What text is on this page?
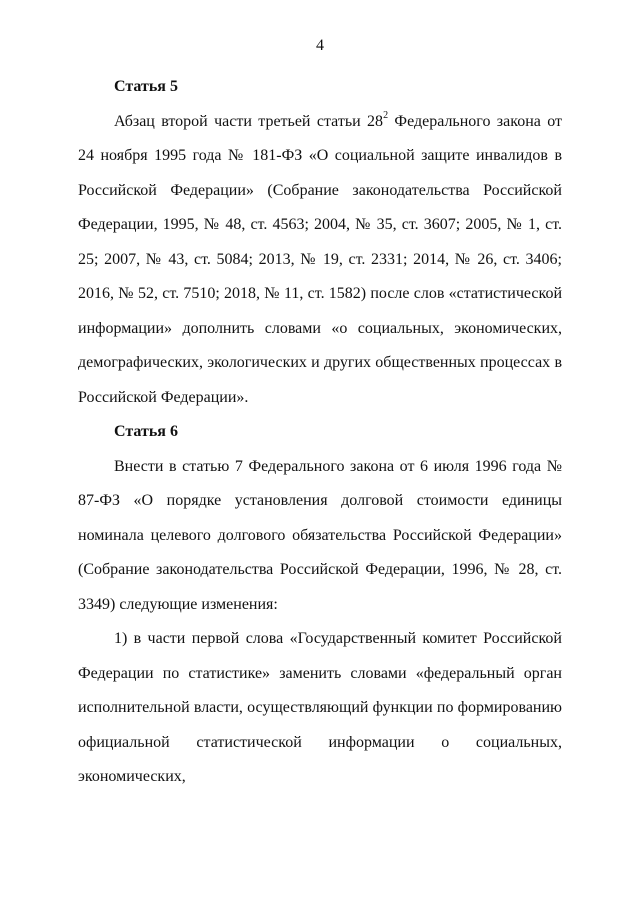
4

Статья 5

Абзац второй части третьей статьи $28^2$ Федерального закона от 24 ноября 1995 года № 181-ФЗ «О социальной защите инвалидов в Российской Федерации» (Собрание законодательства Российской Федерации, 1995, № 48, ст. 4563; 2004, № 35, ст. 3607; 2005, № 1, ст. 25; 2007, № 43, ст. 5084; 2013, № 19, ст. 2331; 2014, № 26, ст. 3406; 2016, № 52, ст. 7510; 2018, № 11, ст. 1582) после слов «статистической информации» дополнить словами «о социальных, экономических, демографических, экологических и других общественных процессах в Российской Федерации».

Статья 6

Внести в статью 7 Федерального закона от 6 июля 1996 года № 87-ФЗ «О порядке установления долговой стоимости единицы номинала целевого долгового обязательства Российской Федерации» (Собрание законодательства Российской Федерации, 1996, № 28, ст. 3349) следующие изменения:

1) в части первой слова «Государственный комитет Российской Федерации по статистике» заменить словами «федеральный орган исполнительной власти, осуществляющий функции по формированию официальной статистической информации о социальных, экономических,
